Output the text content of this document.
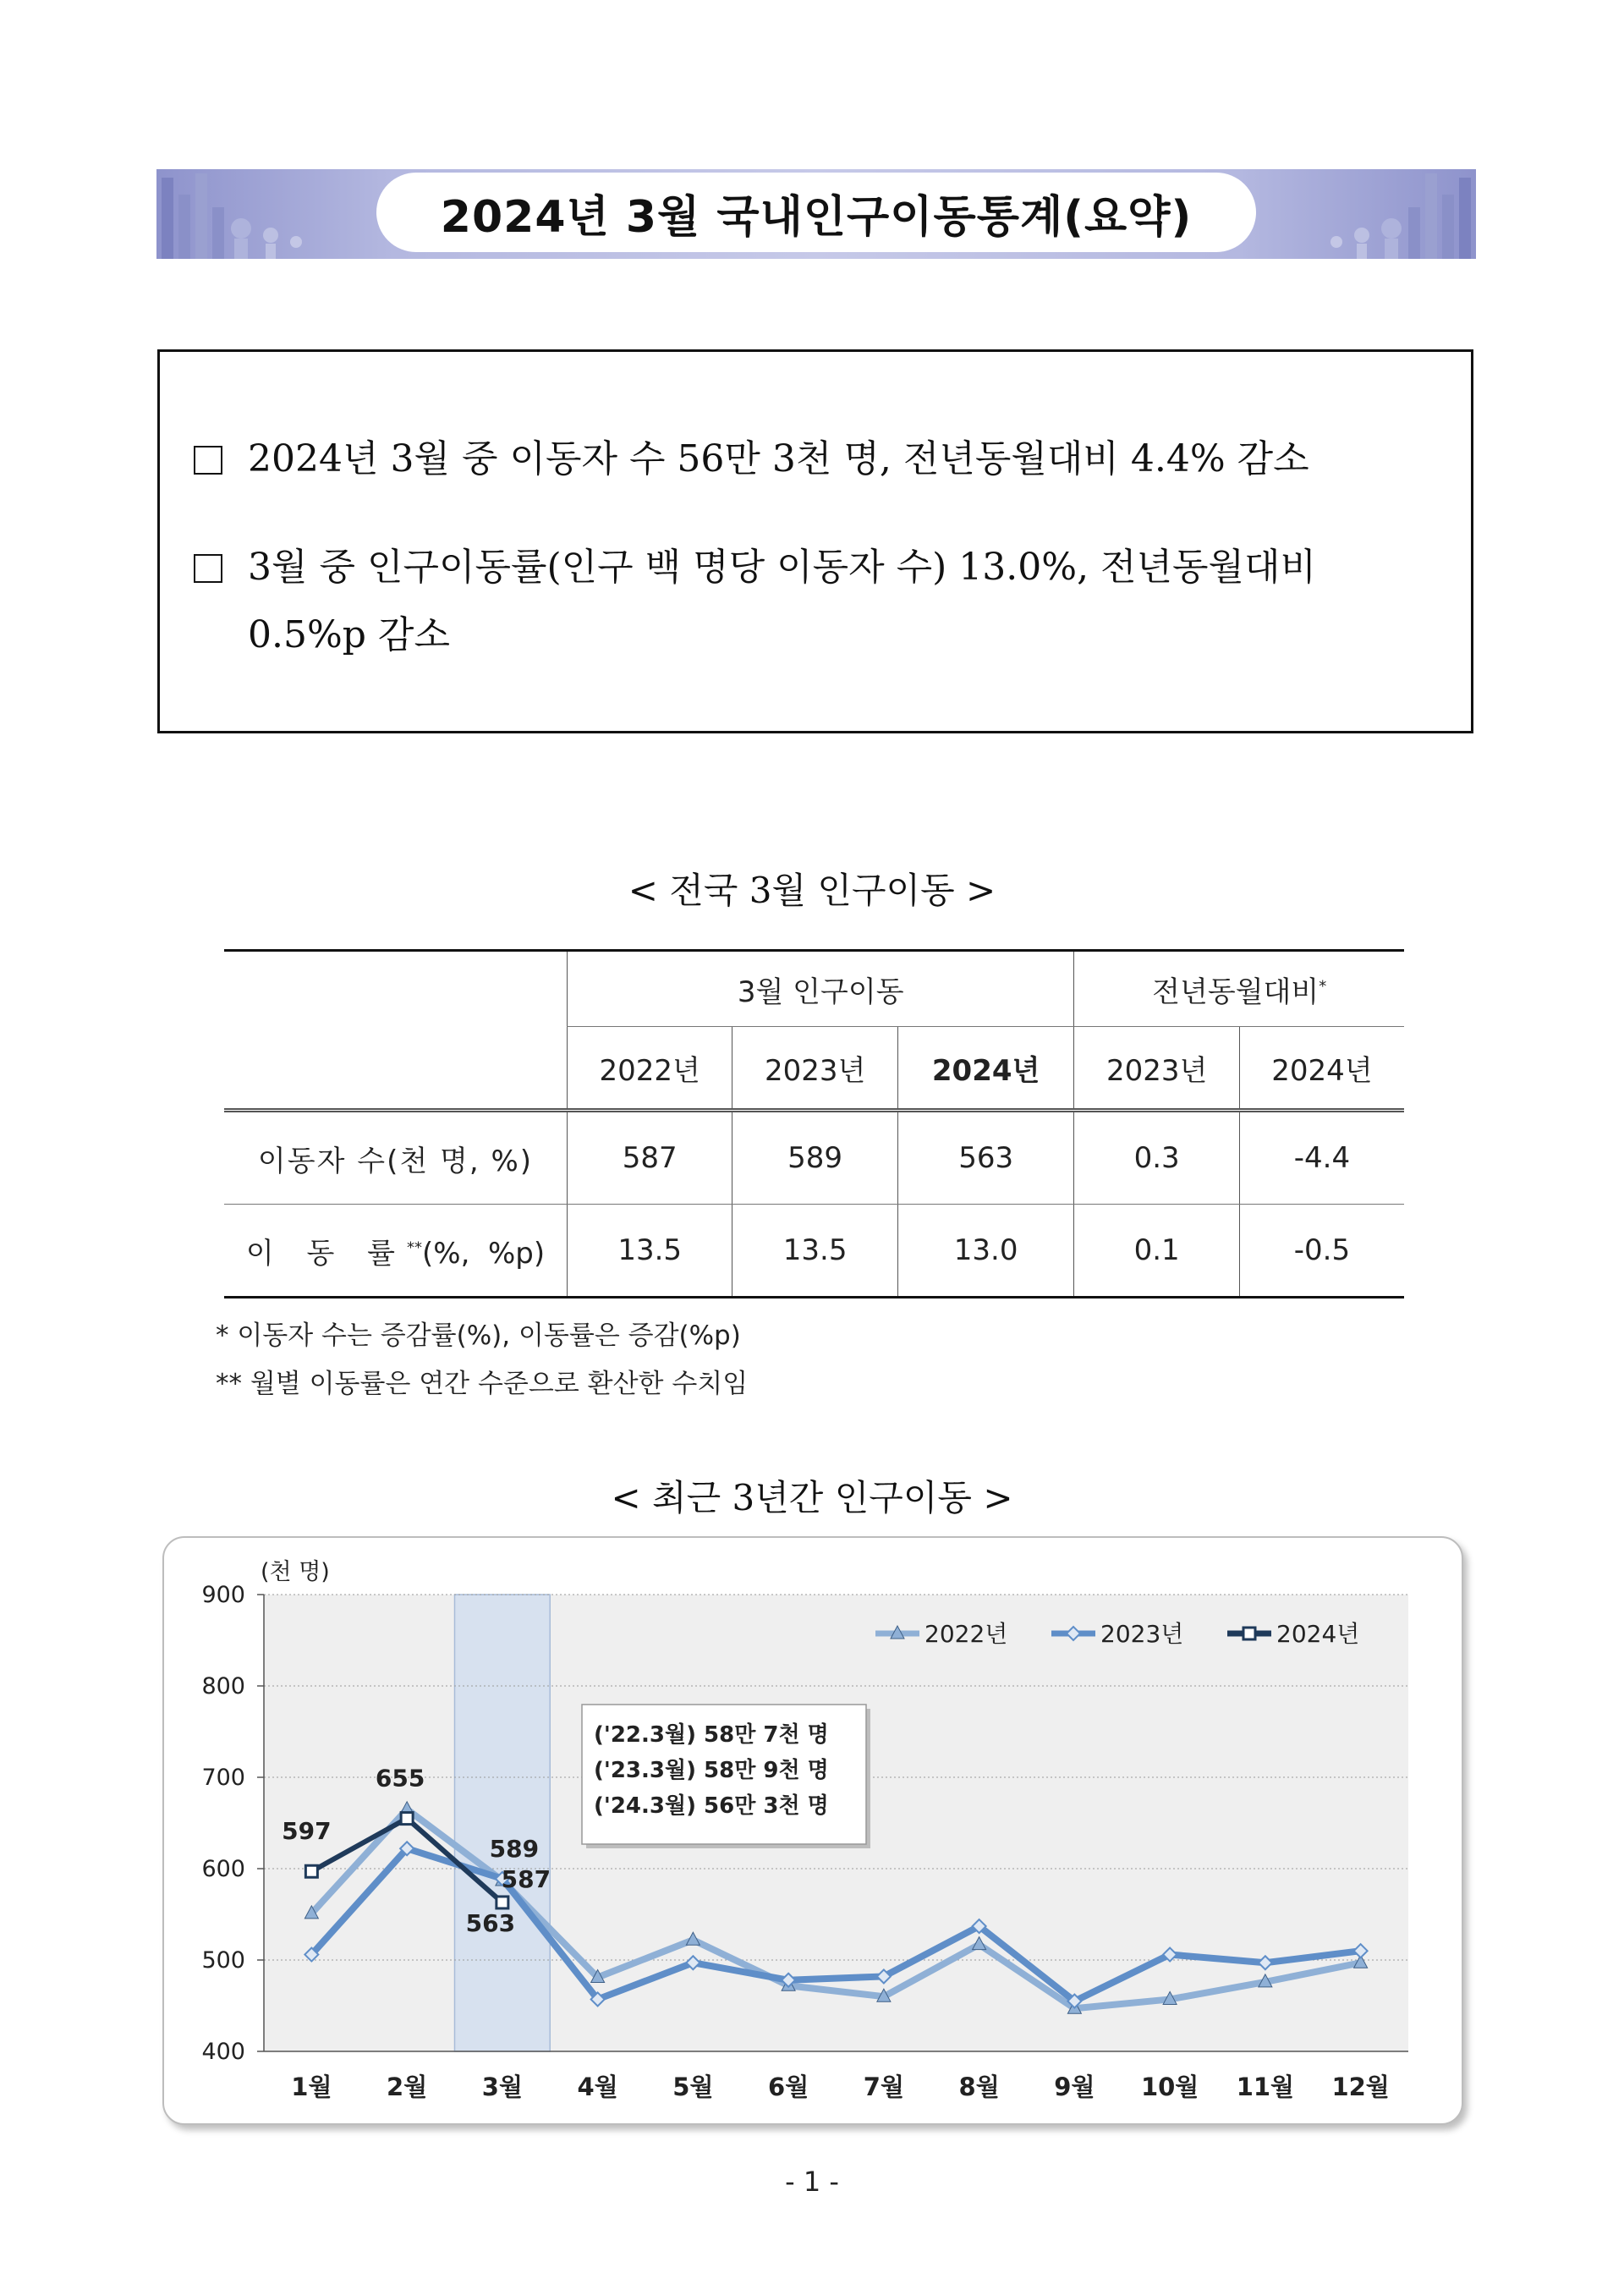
2024년 3월 국내인구이동통계(요약)
2024년 3월 중 이동자 수 56만 3천 명, 전년동월대비 4.4% 감소
3월 중 인구이동률(인구 백 명당 이동자 수) 13.0%, 전년동월대비
0.5%p 감소
< 전국 3월 인구이동 >
	3월 인구이동			전년동월대비*
	2022년	2023년	2024년	2023년	2024년
이동자 수(천 명, %)	587	589	563	0.3	-4.4
이 동 률**(%,  %p)	13.5	13.5	13.0	0.1	-0.5
* 이동자 수는 증감률(%), 이동률은 증감(%p)
** 월별 이동률은 연간 수준으로 환산한 수치임
< 최근 3년간 인구이동 >
400
500
600
700
800
900
(천 명)
1월 2월 3월 4월 5월 6월 7월 8월 9월 10월 11월 12월
597
655
589
587
563
2022년	2023년	2024년
('22.3월) 58만 7천 명
('23.3월) 58만 9천 명
('24.3월) 56만 3천 명
- 1 -
